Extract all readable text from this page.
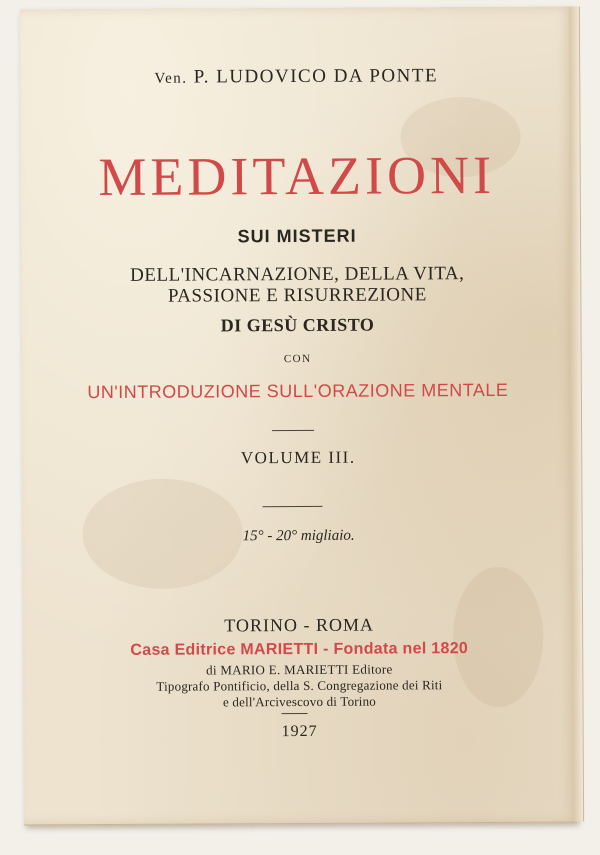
Ven. P. LUDOVICO DA PONTE
MEDITAZIONI
SUI MISTERI
DELL'INCARNAZIONE, DELLA VITA,
PASSIONE E RISURREZIONE
DI GESÙ CRISTO
CON
UN'INTRODUZIONE SULL'ORAZIONE MENTALE
VOLUME III.
15° - 20° migliaio.
TORINO - ROMA
Casa Editrice MARIETTI - Fondata nel 1820
di MARIO E. MARIETTI Editore
Tipografo Pontificio, della S. Congregazione dei Riti
e dell'Arcivescovo di Torino
1927
